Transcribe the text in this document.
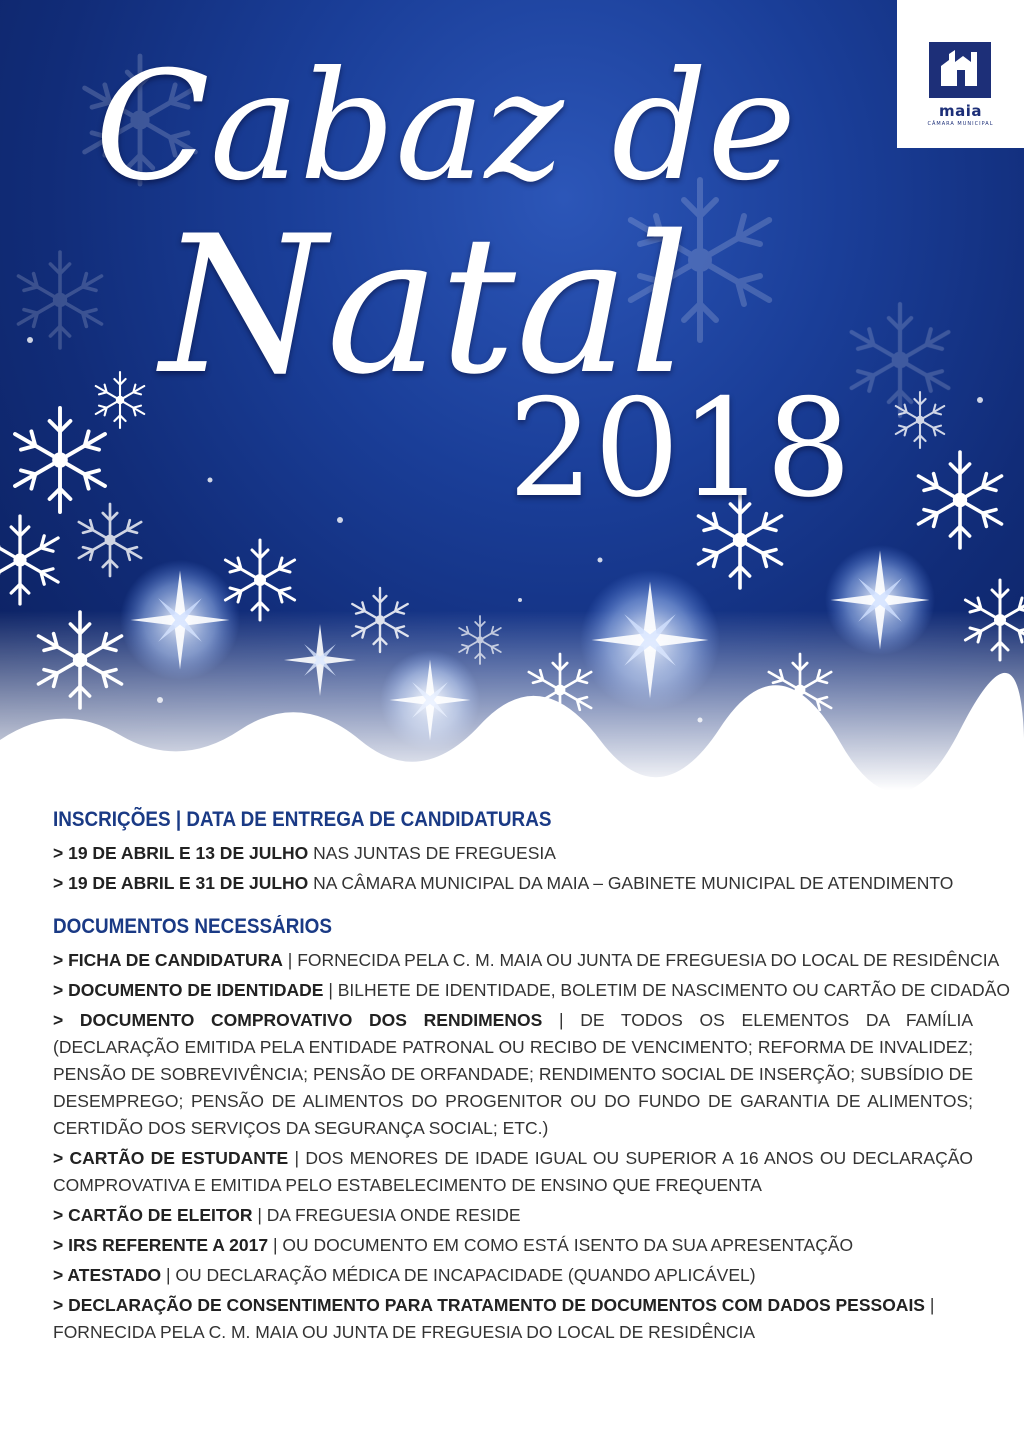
maia
CÂMARA MUNICIPAL
Cabaz de
Natal
2018
INSCRIÇÕES | DATA DE ENTREGA DE CANDIDATURAS
> 19 DE ABRIL E 13 DE JULHO NAS JUNTAS DE FREGUESIA
> 19 DE ABRIL E 31 DE JULHO NA CÂMARA MUNICIPAL DA MAIA – GABINETE MUNICIPAL DE ATENDIMENTO
DOCUMENTOS NECESSÁRIOS
> FICHA DE CANDIDATURA | FORNECIDA PELA C. M. MAIA OU JUNTA DE FREGUESIA DO LOCAL DE RESIDÊNCIA
> DOCUMENTO DE IDENTIDADE | BILHETE DE IDENTIDADE, BOLETIM DE NASCIMENTO OU CARTÃO DE CIDADÃO
> DOCUMENTO COMPROVATIVO DOS RENDIMENOS | DE TODOS OS ELEMENTOS DA FAMÍLIA (DECLARAÇÃO EMITIDA PELA ENTIDADE PATRONAL OU RECIBO DE VENCIMENTO; REFORMA DE INVALIDEZ; PENSÃO DE SOBREVIVÊNCIA; PENSÃO DE ORFANDADE; RENDIMENTO SOCIAL DE INSERÇÃO; SUBSÍDIO DE DESEMPREGO; PENSÃO DE ALIMENTOS DO PROGENITOR OU DO FUNDO DE GARANTIA DE ALIMENTOS; CERTIDÃO DOS SERVIÇOS DA SEGURANÇA SOCIAL; ETC.)
> CARTÃO DE ESTUDANTE | DOS MENORES DE IDADE IGUAL OU SUPERIOR A 16 ANOS OU DECLARAÇÃO COMPROVATIVA E EMITIDA PELO ESTABELECIMENTO DE ENSINO QUE FREQUENTA
> CARTÃO DE ELEITOR | DA FREGUESIA ONDE RESIDE
> IRS REFERENTE A 2017 | OU DOCUMENTO EM COMO ESTÁ ISENTO DA SUA APRESENTAÇÃO
> ATESTADO | OU DECLARAÇÃO MÉDICA DE INCAPACIDADE (QUANDO APLICÁVEL)
> DECLARAÇÃO DE CONSENTIMENTO PARA TRATAMENTO DE DOCUMENTOS COM DADOS PESSOAIS | FORNECIDA PELA C. M. MAIA OU JUNTA DE FREGUESIA DO LOCAL DE RESIDÊNCIA
